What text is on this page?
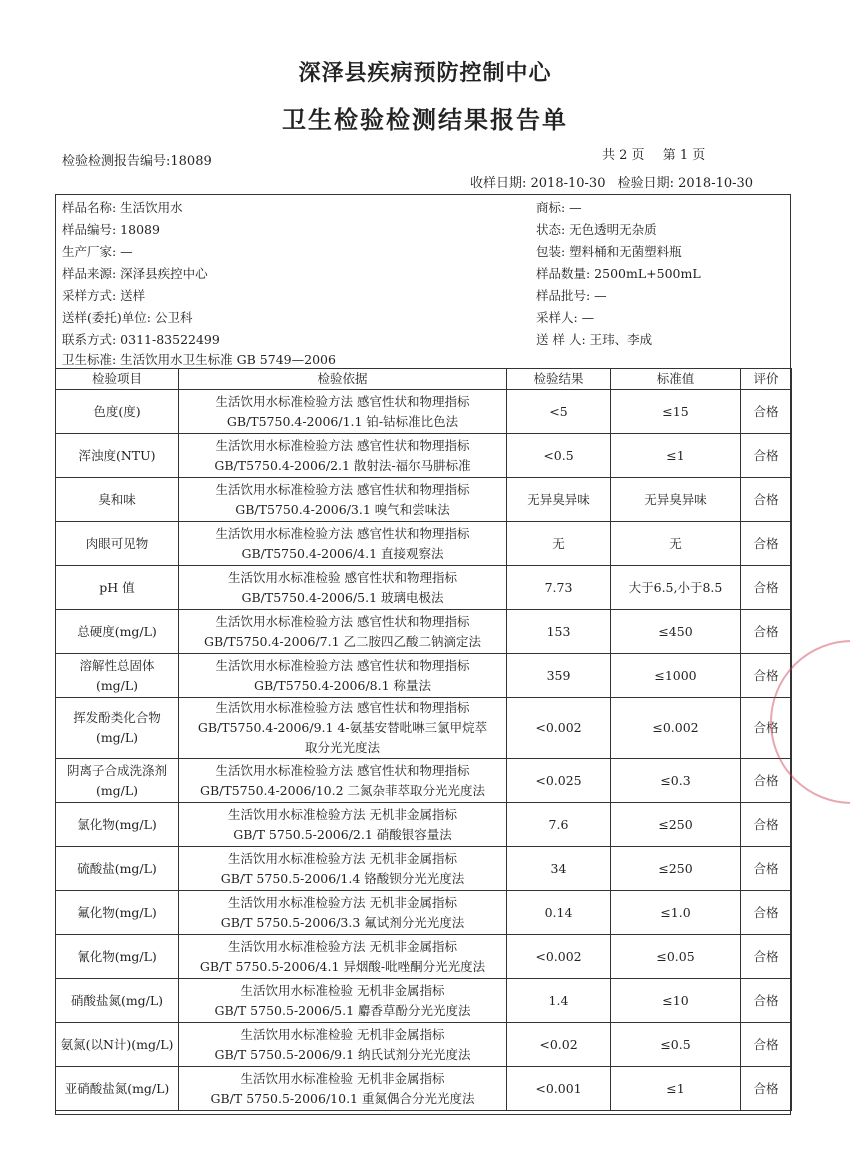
深泽县疾病预防控制中心
卫生检验检测结果报告单
检验检测报告编号:18089	共 2 页 第 1 页
收样日期: 2018-10-30 检验日期: 2018-10-30
样品名称: 生活饮用水	商标: —
样品编号: 18089	状态: 无色透明无杂质
生产厂家: —	包装: 塑料桶和无菌塑料瓶
样品来源: 深泽县疾控中心	样品数量: 2500mL+500mL
采样方式: 送样	样品批号: —
送样(委托)单位: 公卫科	采样人: —
联系方式: 0311-83522499	送 样 人: 王玮、李成
卫生标准: 生活饮用水卫生标准 GB 5749—2006
检验项目	检验依据	检验结果	标准值	评价
色度(度)	生活饮用水标准检验方法 感官性状和物理指标
GB/T5750.4-2006/1.1 铂-钴标准比色法	<5	≤15	合格
浑浊度(NTU)	生活饮用水标准检验方法 感官性状和物理指标
GB/T5750.4-2006/2.1 散射法-福尔马肼标准	<0.5	≤1	合格
臭和味	生活饮用水标准检验方法 感官性状和物理指标
GB/T5750.4-2006/3.1 嗅气和尝味法	无异臭异味	无异臭异味	合格
肉眼可见物	生活饮用水标准检验方法 感官性状和物理指标
GB/T5750.4-2006/4.1 直接观察法	无	无	合格
pH 值	生活饮用水标准检验 感官性状和物理指标
GB/T5750.4-2006/5.1 玻璃电极法	7.73	大于6.5,小于8.5	合格
总硬度(mg/L)	生活饮用水标准检验方法 感官性状和物理指标
GB/T5750.4-2006/7.1 乙二胺四乙酸二钠滴定法	153	≤450	合格
溶解性总固体(mg/L)	生活饮用水标准检验方法 感官性状和物理指标
GB/T5750.4-2006/8.1 称量法	359	≤1000	合格
挥发酚类化合物(mg/L)	生活饮用水标准检验方法 感官性状和物理指标
GB/T5750.4-2006/9.1 4-氨基安替吡啉三氯甲烷萃
取分光光度法	<0.002	≤0.002	合格
阴离子合成洗涤剂(mg/L)	生活饮用水标准检验方法 感官性状和物理指标
GB/T5750.4-2006/10.2 二氮杂菲萃取分光光度法	<0.025	≤0.3	合格
氯化物(mg/L)	生活饮用水标准检验方法 无机非金属指标
GB/T 5750.5-2006/2.1 硝酸银容量法	7.6	≤250	合格
硫酸盐(mg/L)	生活饮用水标准检验方法 无机非金属指标
GB/T 5750.5-2006/1.4 铬酸钡分光光度法	34	≤250	合格
氟化物(mg/L)	生活饮用水标准检验方法 无机非金属指标
GB/T 5750.5-2006/3.3 氟试剂分光光度法	0.14	≤1.0	合格
氰化物(mg/L)	生活饮用水标准检验方法 无机非金属指标
GB/T 5750.5-2006/4.1 异烟酸-吡唑酮分光光度法	<0.002	≤0.05	合格
硝酸盐氮(mg/L)	生活饮用水标准检验 无机非金属指标
GB/T 5750.5-2006/5.1 麝香草酚分光光度法	1.4	≤10	合格
氨氮(以N计)(mg/L)	生活饮用水标准检验 无机非金属指标
GB/T 5750.5-2006/9.1 纳氏试剂分光光度法	<0.02	≤0.5	合格
亚硝酸盐氮(mg/L)	生活饮用水标准检验 无机非金属指标
GB/T 5750.5-2006/10.1 重氮偶合分光光度法	<0.001	≤1	合格
